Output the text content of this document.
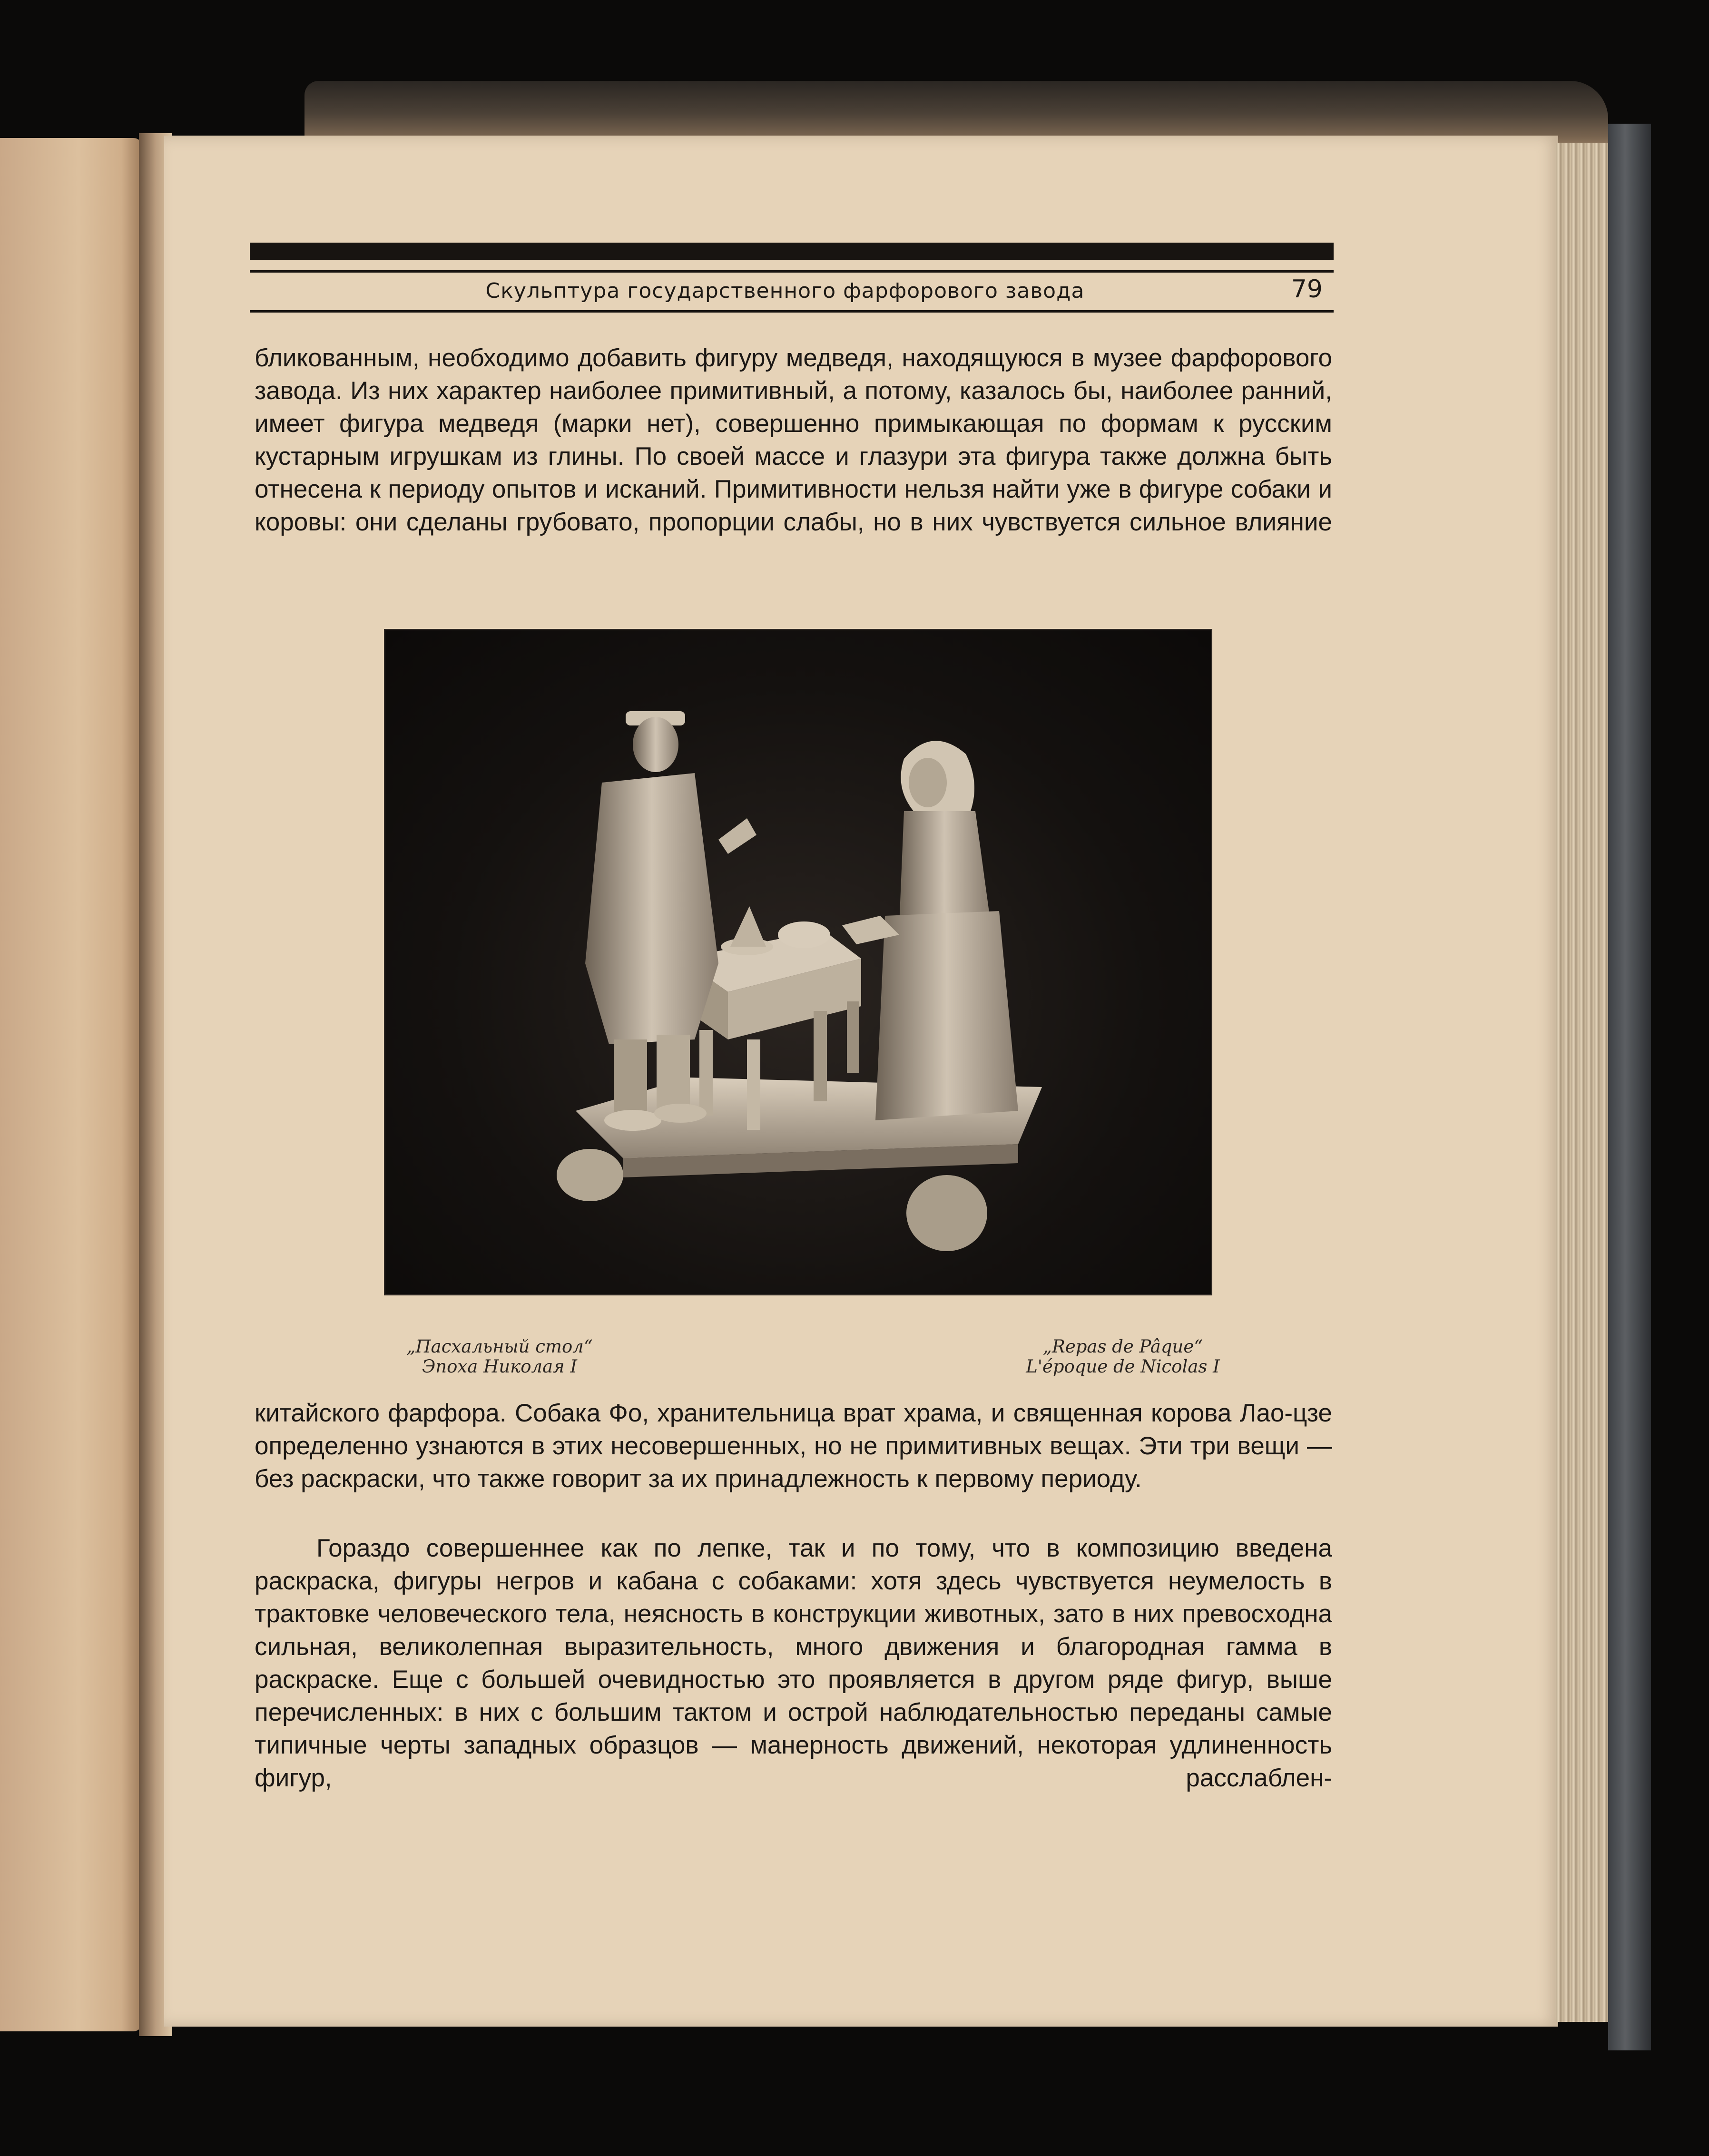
Скульптура государственного фарфорового завода	79

бликованным, необходимо добавить фигуру медведя, находящуюся в музее фарфорового завода. Из них характер наиболее примитивный, а потому, казалось бы, наиболее ранний, имеет фигура медведя (марки нет), совершенно примыкающая по формам к русским кустарным игрушкам из глины. По своей массе и глазури эта фигура также должна быть отнесена к периоду опытов и исканий. Примитивности нельзя найти уже в фигуре собаки и коровы: они сделаны грубовато, пропорции слабы, но в них чувствуется сильное влияние

„Пасхальный стол“
Эпоха Николая I
„Repas de Pâque“
L'époque de Nicolas I

китайского фарфора. Собака Фо, хранительница врат храма, и священная корова Лао-цзе определенно узнаются в этих несовершенных, но не примитивных вещах. Эти три вещи — без раскраски, что также говорит за их принадлежность к первому периоду.

Гораздо совершеннее как по лепке, так и по тому, что в композицию введена раскраска, фигуры негров и кабана с собаками: хотя здесь чувствуется неумелость в трактовке человеческого тела, неясность в конструкции животных, зато в них превосходна сильная, великолепная выразительность, много движения и благородная гамма в раскраске. Еще с большей очевидностью это проявляется в другом ряде фигур, выше перечисленных: в них с большим тактом и острой наблюдательностью переданы самые типичные черты западных образцов — манерность движений, некоторая удлиненность фигур, расслаблен-
